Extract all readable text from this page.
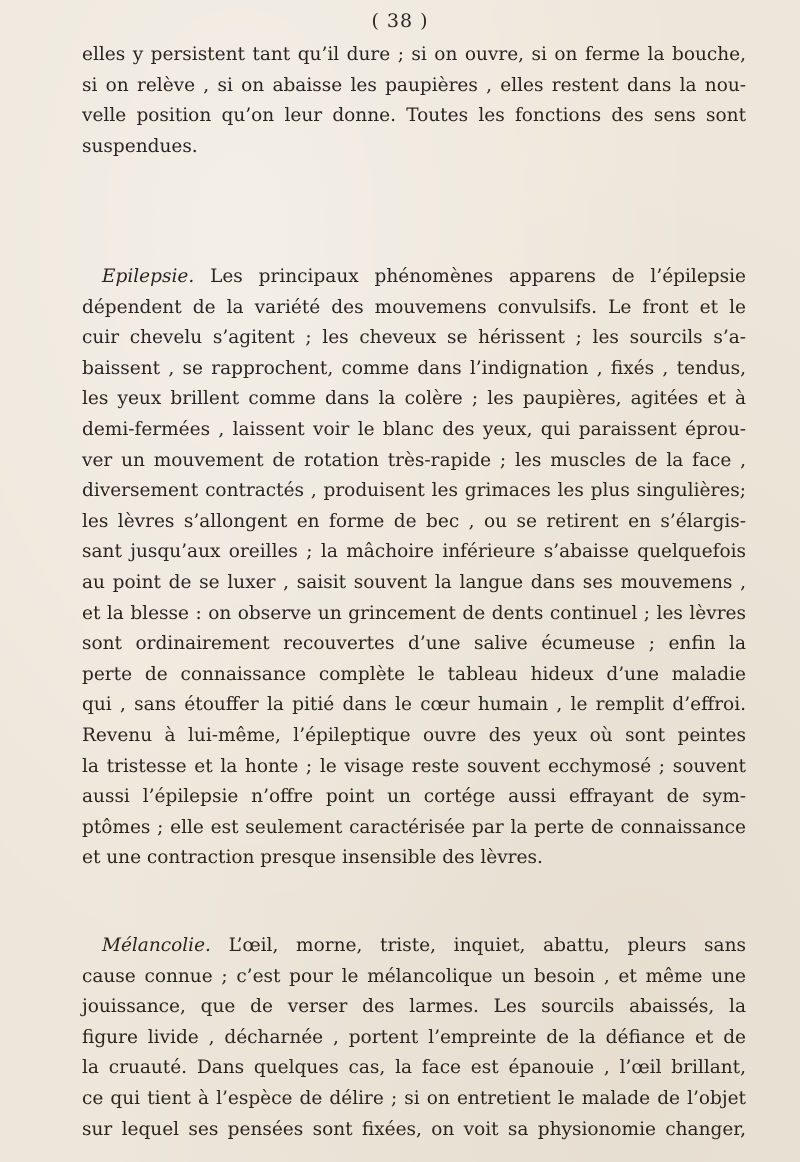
( 38 )
elles y persistent tant qu’il dure ; si on ouvre, si on ferme la bouche,
si on relève , si on abaisse les paupières , elles restent dans la nou-
velle position qu’on leur donne. Toutes les fonctions des sens sont
suspendues.
Epilepsie. Les principaux phénomènes apparens de l’épilepsie
dépendent de la variété des mouvemens convulsifs. Le front et le
cuir chevelu s’agitent ; les cheveux se hérissent ; les sourcils s’a-
baissent , se rapprochent, comme dans l’indignation , fixés , tendus,
les yeux brillent comme dans la colère ; les paupières, agitées et à
demi-fermées , laissent voir le blanc des yeux, qui paraissent éprou-
ver un mouvement de rotation très-rapide ; les muscles de la face ,
diversement contractés , produisent les grimaces les plus singulières;
les lèvres s’allongent en forme de bec , ou se retirent en s’élargis-
sant jusqu’aux oreilles ; la mâchoire inférieure s’abaisse quelquefois
au point de se luxer , saisit souvent la langue dans ses mouvemens ,
et la blesse : on observe un grincement de dents continuel ; les lèvres
sont ordinairement recouvertes d’une salive écumeuse ; enfin la
perte de connaissance complète le tableau hideux d’une maladie
qui , sans étouffer la pitié dans le cœur humain , le remplit d’effroi.
Revenu à lui-même, l’épileptique ouvre des yeux où sont peintes
la tristesse et la honte ; le visage reste souvent ecchymosé ; souvent
aussi l’épilepsie n’offre point un cortége aussi effrayant de sym-
ptômes ; elle est seulement caractérisée par la perte de connaissance
et une contraction presque insensible des lèvres.
Mélancolie. L’œil, morne, triste, inquiet, abattu, pleurs sans
cause connue ; c’est pour le mélancolique un besoin , et même une
jouissance, que de verser des larmes. Les sourcils abaissés, la
figure livide , décharnée , portent l’empreinte de la défiance et de
la cruauté. Dans quelques cas, la face est épanouie , l’œil brillant,
ce qui tient à l’espèce de délire ; si on entretient le malade de l’objet
sur lequel ses pensées sont fixées, on voit sa physionomie changer,
